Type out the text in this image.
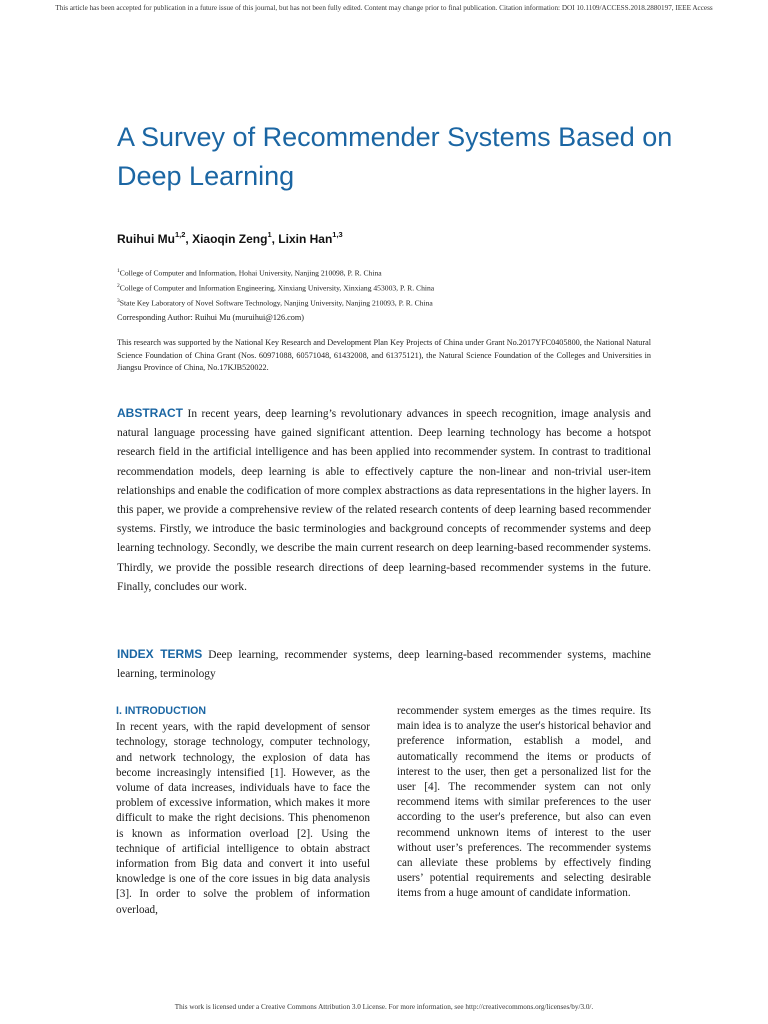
This article has been accepted for publication in a future issue of this journal, but has not been fully edited. Content may change prior to final publication. Citation information: DOI 10.1109/ACCESS.2018.2880197, IEEE Access
A Survey of Recommender Systems Based on Deep Learning
Ruihui Mu$^{1,2}$, Xiaoqin Zeng$^1$, Lixin Han$^{1,3}$
$^1$College of Computer and Information, Hohai University, Nanjing 210098, P. R. China
$^2$College of Computer and Information Engineering, Xinxiang University, Xinxiang 453003, P. R. China
$^3$State Key Laboratory of Novel Software Technology, Nanjing University, Nanjing 210093, P. R. China
Corresponding Author: Ruihui Mu (muruihui@126.com)

This research was supported by the National Key Research and Development Plan Key Projects of China under Grant No.2017YFC0405800, the National Natural Science Foundation of China Grant (Nos. 60971088, 60571048, 61432008, and 61375121), the Natural Science Foundation of the Colleges and Universities in Jiangsu Province of China, No.17KJB520022.

ABSTRACT In recent years, deep learning’s revolutionary advances in speech recognition, image analysis and natural language processing have gained significant attention. Deep learning technology has become a hotspot research field in the artificial intelligence and has been applied into recommender system. In contrast to traditional recommendation models, deep learning is able to effectively capture the non-linear and non-trivial user-item relationships and enable the codification of more complex abstractions as data representations in the higher layers. In this paper, we provide a comprehensive review of the related research contents of deep learning based recommender systems. Firstly, we introduce the basic terminologies and background concepts of recommender systems and deep learning technology. Secondly, we describe the main current research on deep learning-based recommender systems. Thirdly, we provide the possible research directions of deep learning-based recommender systems in the future. Finally, concludes our work.

INDEX TERMS Deep learning, recommender systems, deep learning-based recommender systems, machine learning, terminology

I. INTRODUCTION

In recent years, with the rapid development of sensor technology, storage technology, computer technology, and network technology, the explosion of data has become increasingly intensified [1]. However, as the volume of data increases, individuals have to face the problem of excessive information, which makes it more difficult to make the right decisions. This phenomenon is known as information overload [2]. Using the technique of artificial intelligence to obtain abstract information from Big data and convert it into useful knowledge is one of the core issues in big data analysis [3]. In order to solve the problem of information overload,

recommender system emerges as the times require. Its main idea is to analyze the user's historical behavior and preference information, establish a model, and automatically recommend the items or products of interest to the user, then get a personalized list for the user [4]. The recommender system can not only recommend items with similar preferences to the user according to the user's preference, but also can even recommend unknown items of interest to the user without user’s preferences. The recommender systems can alleviate these problems by effectively finding users’ potential requirements and selecting desirable items from a huge amount of candidate information.

This work is licensed under a Creative Commons Attribution 3.0 License. For more information, see http://creativecommons.org/licenses/by/3.0/.
